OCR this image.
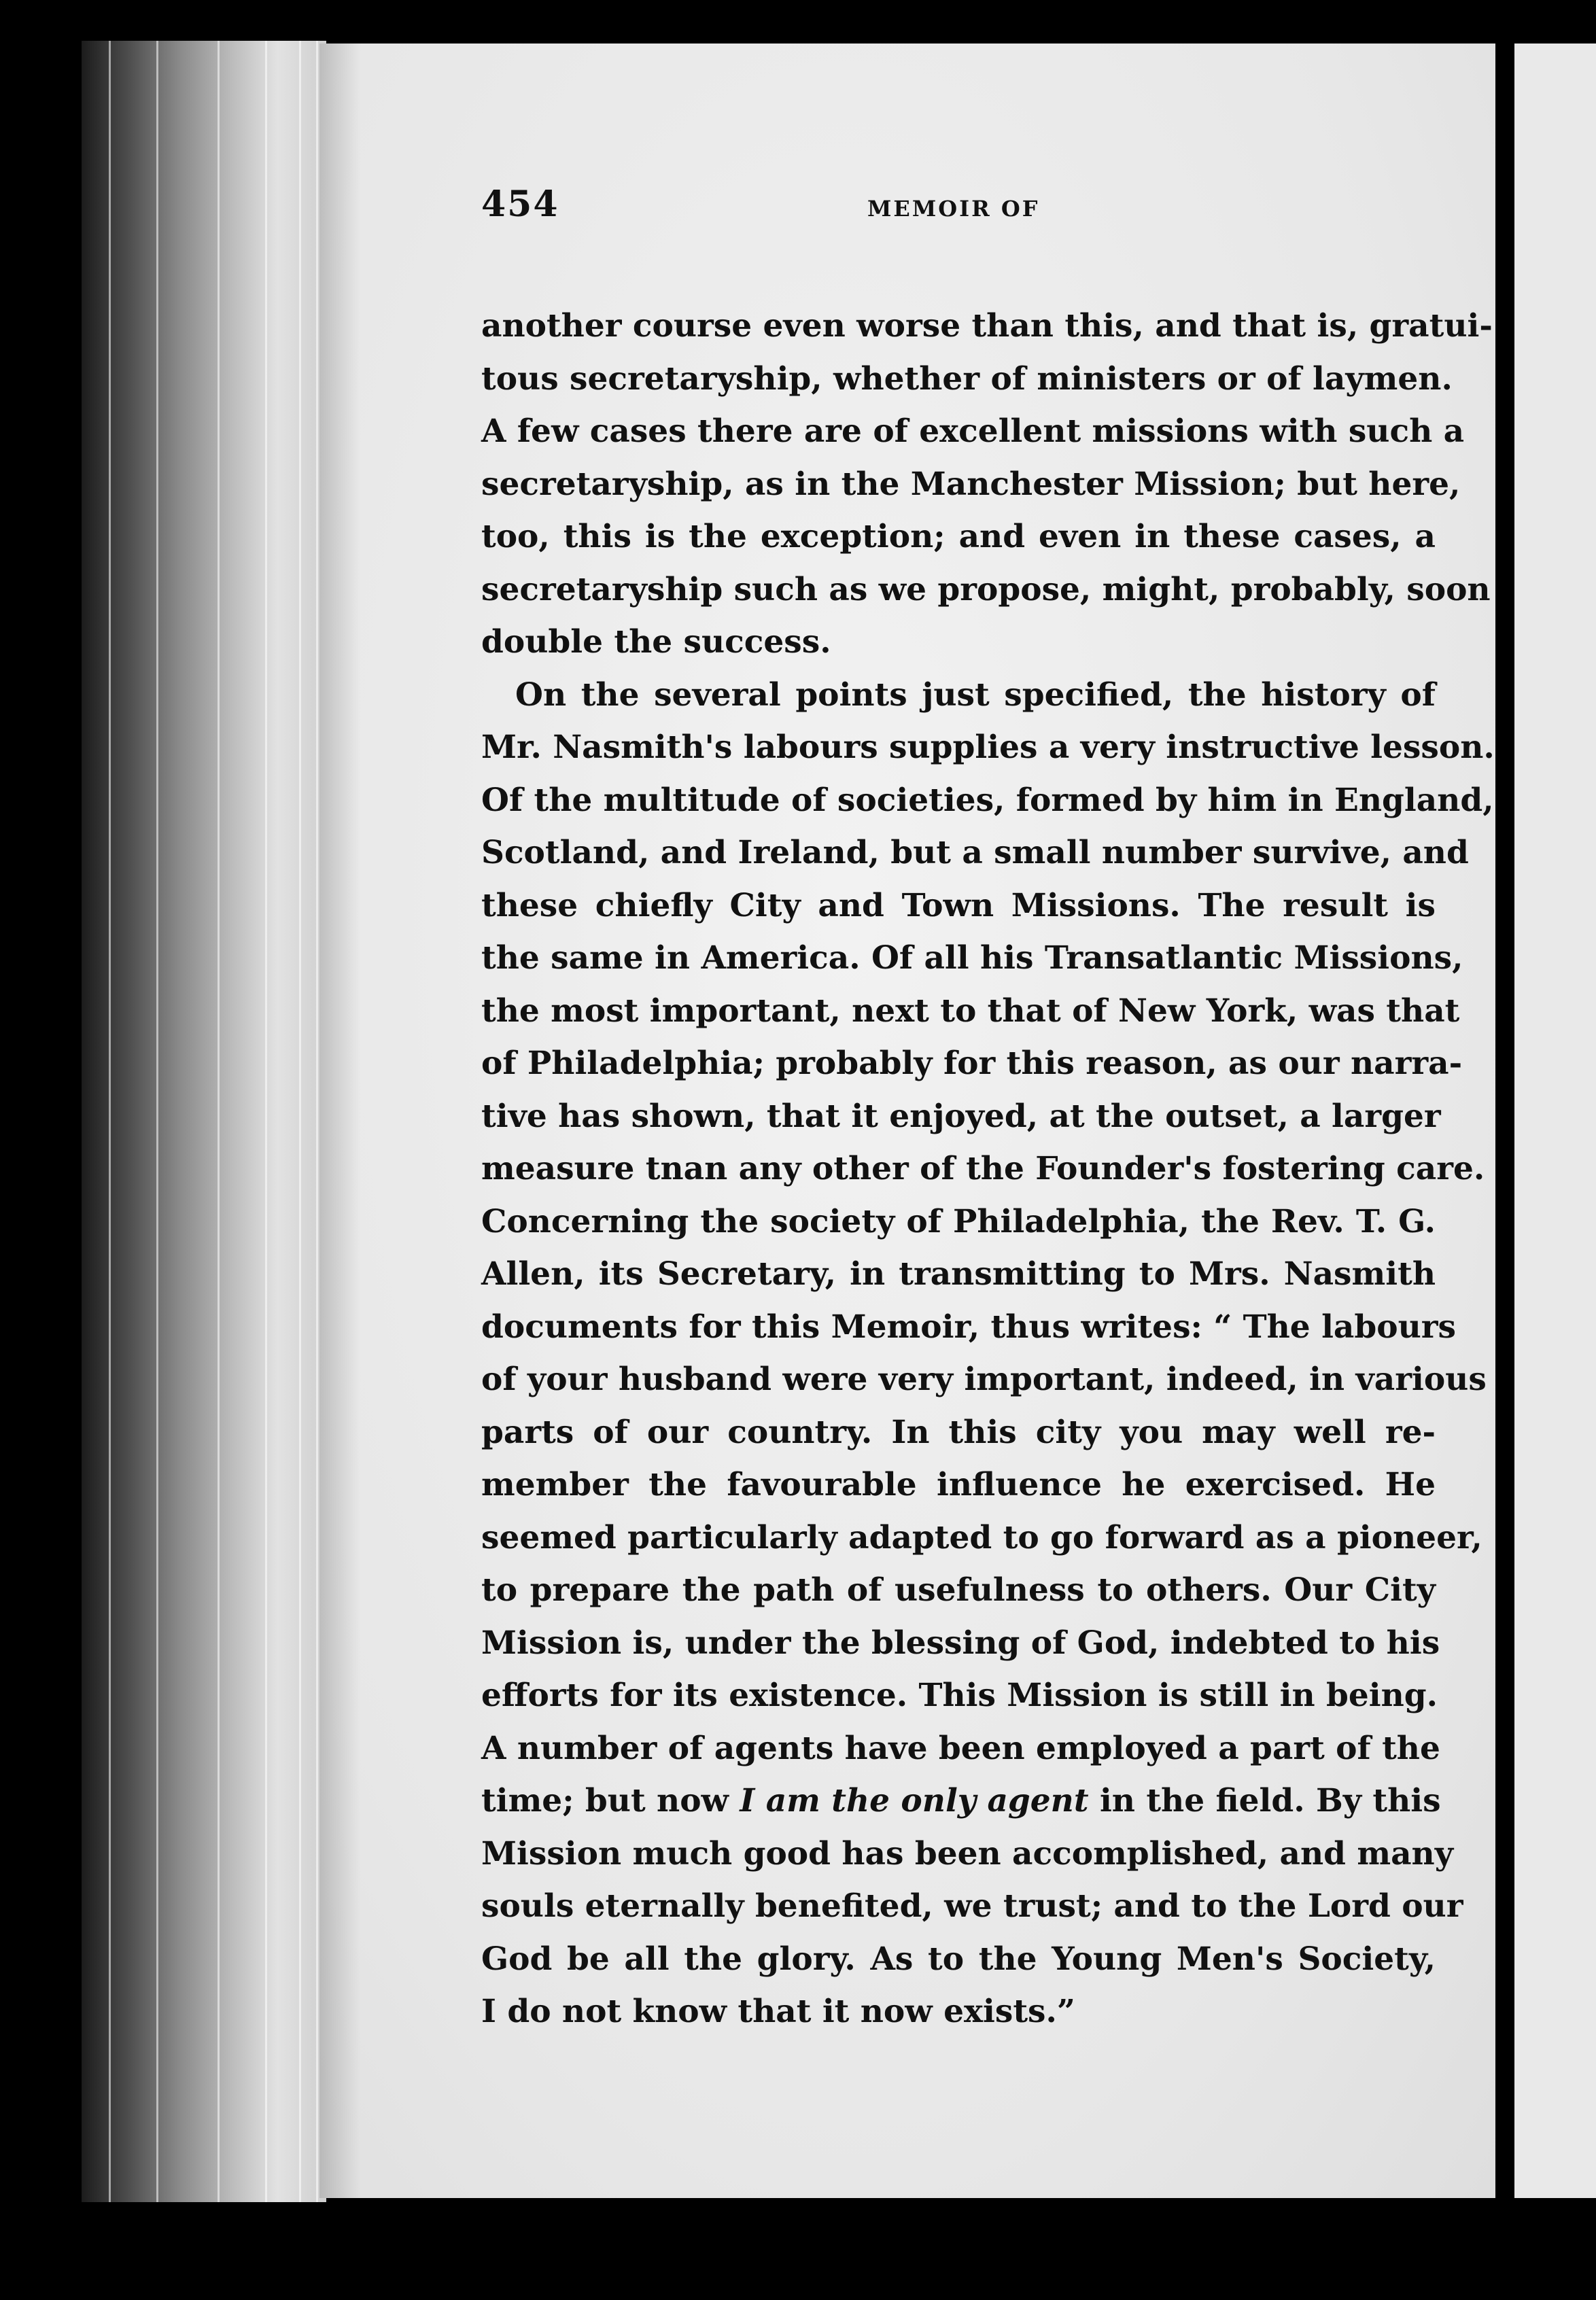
454	MEMOIR OF
another course even worse than this, and that is, gratui-
tous secretaryship, whether of ministers or of laymen.
A few cases there are of excellent missions with such a
secretaryship, as in the Manchester Mission; but here,
too, this is the exception; and even in these cases, a
secretaryship such as we propose, might, probably, soon
double the success.
On the several points just specified, the history of
Mr. Nasmith's labours supplies a very instructive lesson.
Of the multitude of societies, formed by him in England,
Scotland, and Ireland, but a small number survive, and
these chiefly City and Town Missions. The result is
the same in America. Of all his Transatlantic Missions,
the most important, next to that of New York, was that
of Philadelphia; probably for this reason, as our narra-
tive has shown, that it enjoyed, at the outset, a larger
measure tnan any other of the Founder's fostering care.
Concerning the society of Philadelphia, the Rev. T. G.
Allen, its Secretary, in transmitting to Mrs. Nasmith
documents for this Memoir, thus writes: “ The labours
of your husband were very important, indeed, in various
parts of our country. In this city you may well re-
member the favourable influence he exercised. He
seemed particularly adapted to go forward as a pioneer,
to prepare the path of usefulness to others. Our City
Mission is, under the blessing of God, indebted to his
efforts for its existence. This Mission is still in being.
A number of agents have been employed a part of the
time; but now I am the only agent in the field. By this
Mission much good has been accomplished, and many
souls eternally benefited, we trust; and to the Lord our
God be all the glory. As to the Young Men's Society,
I do not know that it now exists.”
